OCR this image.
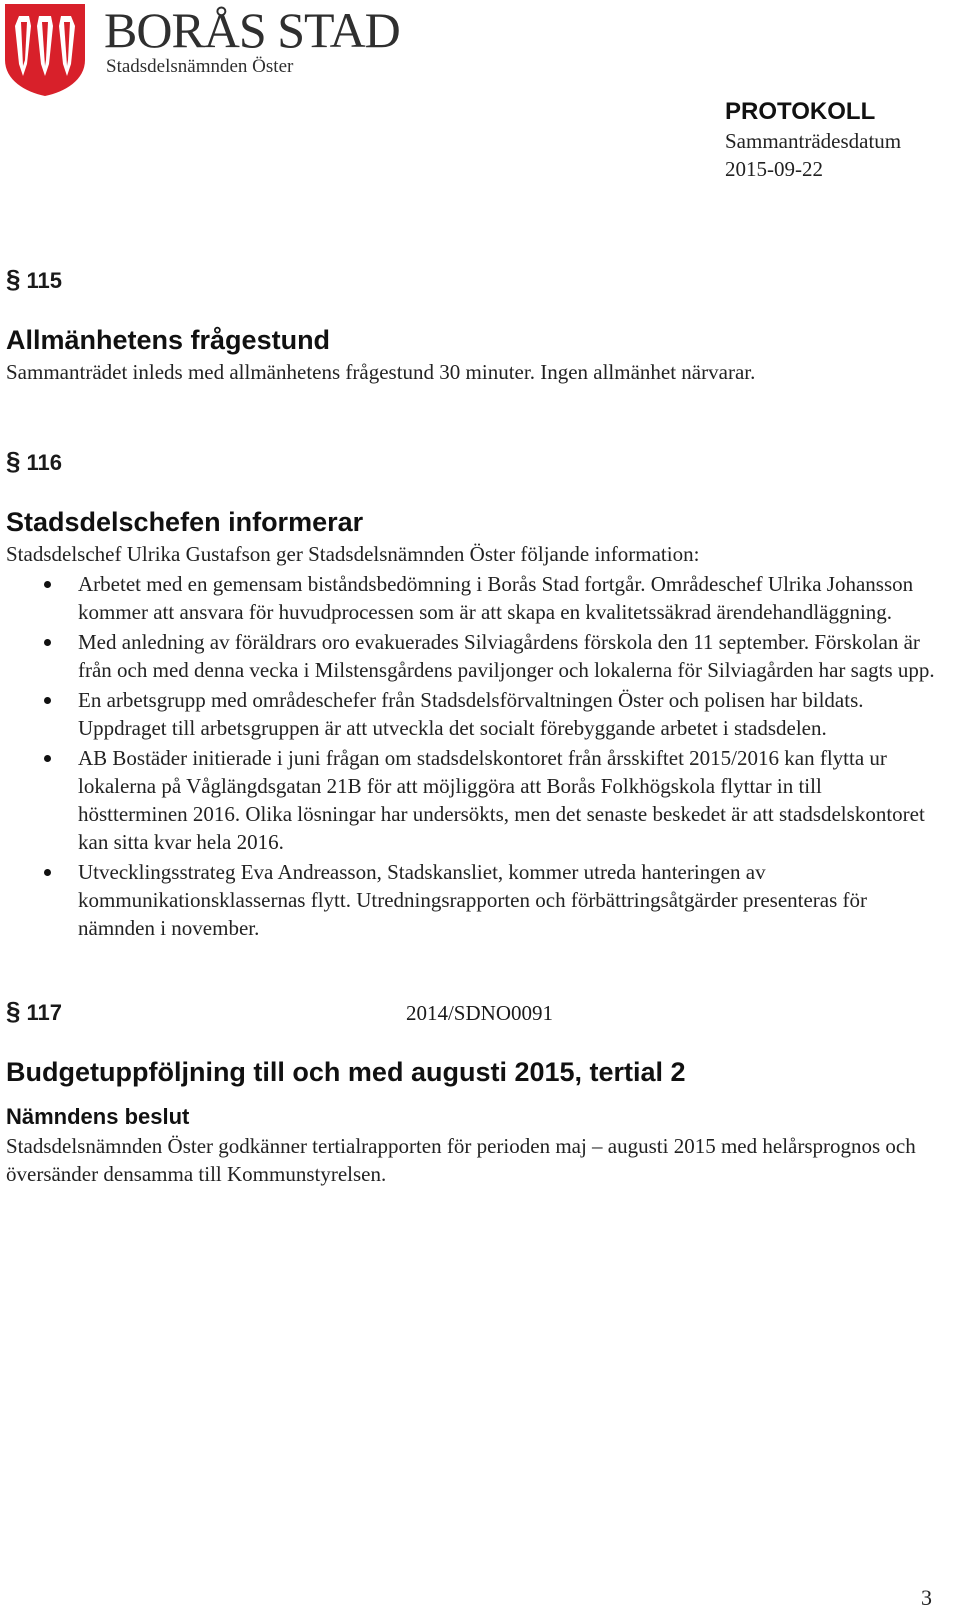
BORÅS STAD
Stadsdelsnämnden Öster
PROTOKOLL
Sammanträdesdatum
2015-09-22
§ 115
Allmänhetens frågestund

Sammanträdet inleds med allmänhetens frågestund 30 minuter. Ingen allmänhet närvarar.

§ 116
Stadsdelschefen informerar

Stadsdelschef Ulrika Gustafson ger Stadsdelsnämnden Öster följande information:

Arbetet med en gemensam biståndsbedömning i Borås Stad fortgår. Områdeschef Ulrika Johansson kommer att ansvara för huvudprocessen som är att skapa en kvalitetssäkrad ärendehandläggning.
Med anledning av föräldrars oro evakuerades Silviagårdens förskola den 11 september. Förskolan är från och med denna vecka i Milstensgårdens paviljonger och lokalerna för Silviagården har sagts upp.
En arbetsgrupp med områdeschefer från Stadsdelsförvaltningen Öster och polisen har bildats. Uppdraget till arbetsgruppen är att utveckla det socialt förebyggande arbetet i stadsdelen.
AB Bostäder initierade i juni frågan om stadsdelskontoret från årsskiftet 2015/2016 kan flytta ur lokalerna på Våglängdsgatan 21B för att möjliggöra att Borås Folkhögskola flyttar in till höstterminen 2016. Olika lösningar har undersökts, men det senaste beskedet är att stadsdelskontoret kan sitta kvar hela 2016.
Utvecklingsstrateg Eva Andreasson, Stadskansliet, kommer utreda hanteringen av kommunikationsklassernas flytt. Utredningsrapporten och förbättringsåtgärder presenteras för nämnden i november.
§ 117	2014/SDNO0091
Budgetuppföljning till och med augusti 2015, tertial 2
Nämndens beslut

Stadsdelsnämnden Öster godkänner tertialrapporten för perioden maj – augusti 2015 med helårsprognos och översänder densamma till Kommunstyrelsen.

3
